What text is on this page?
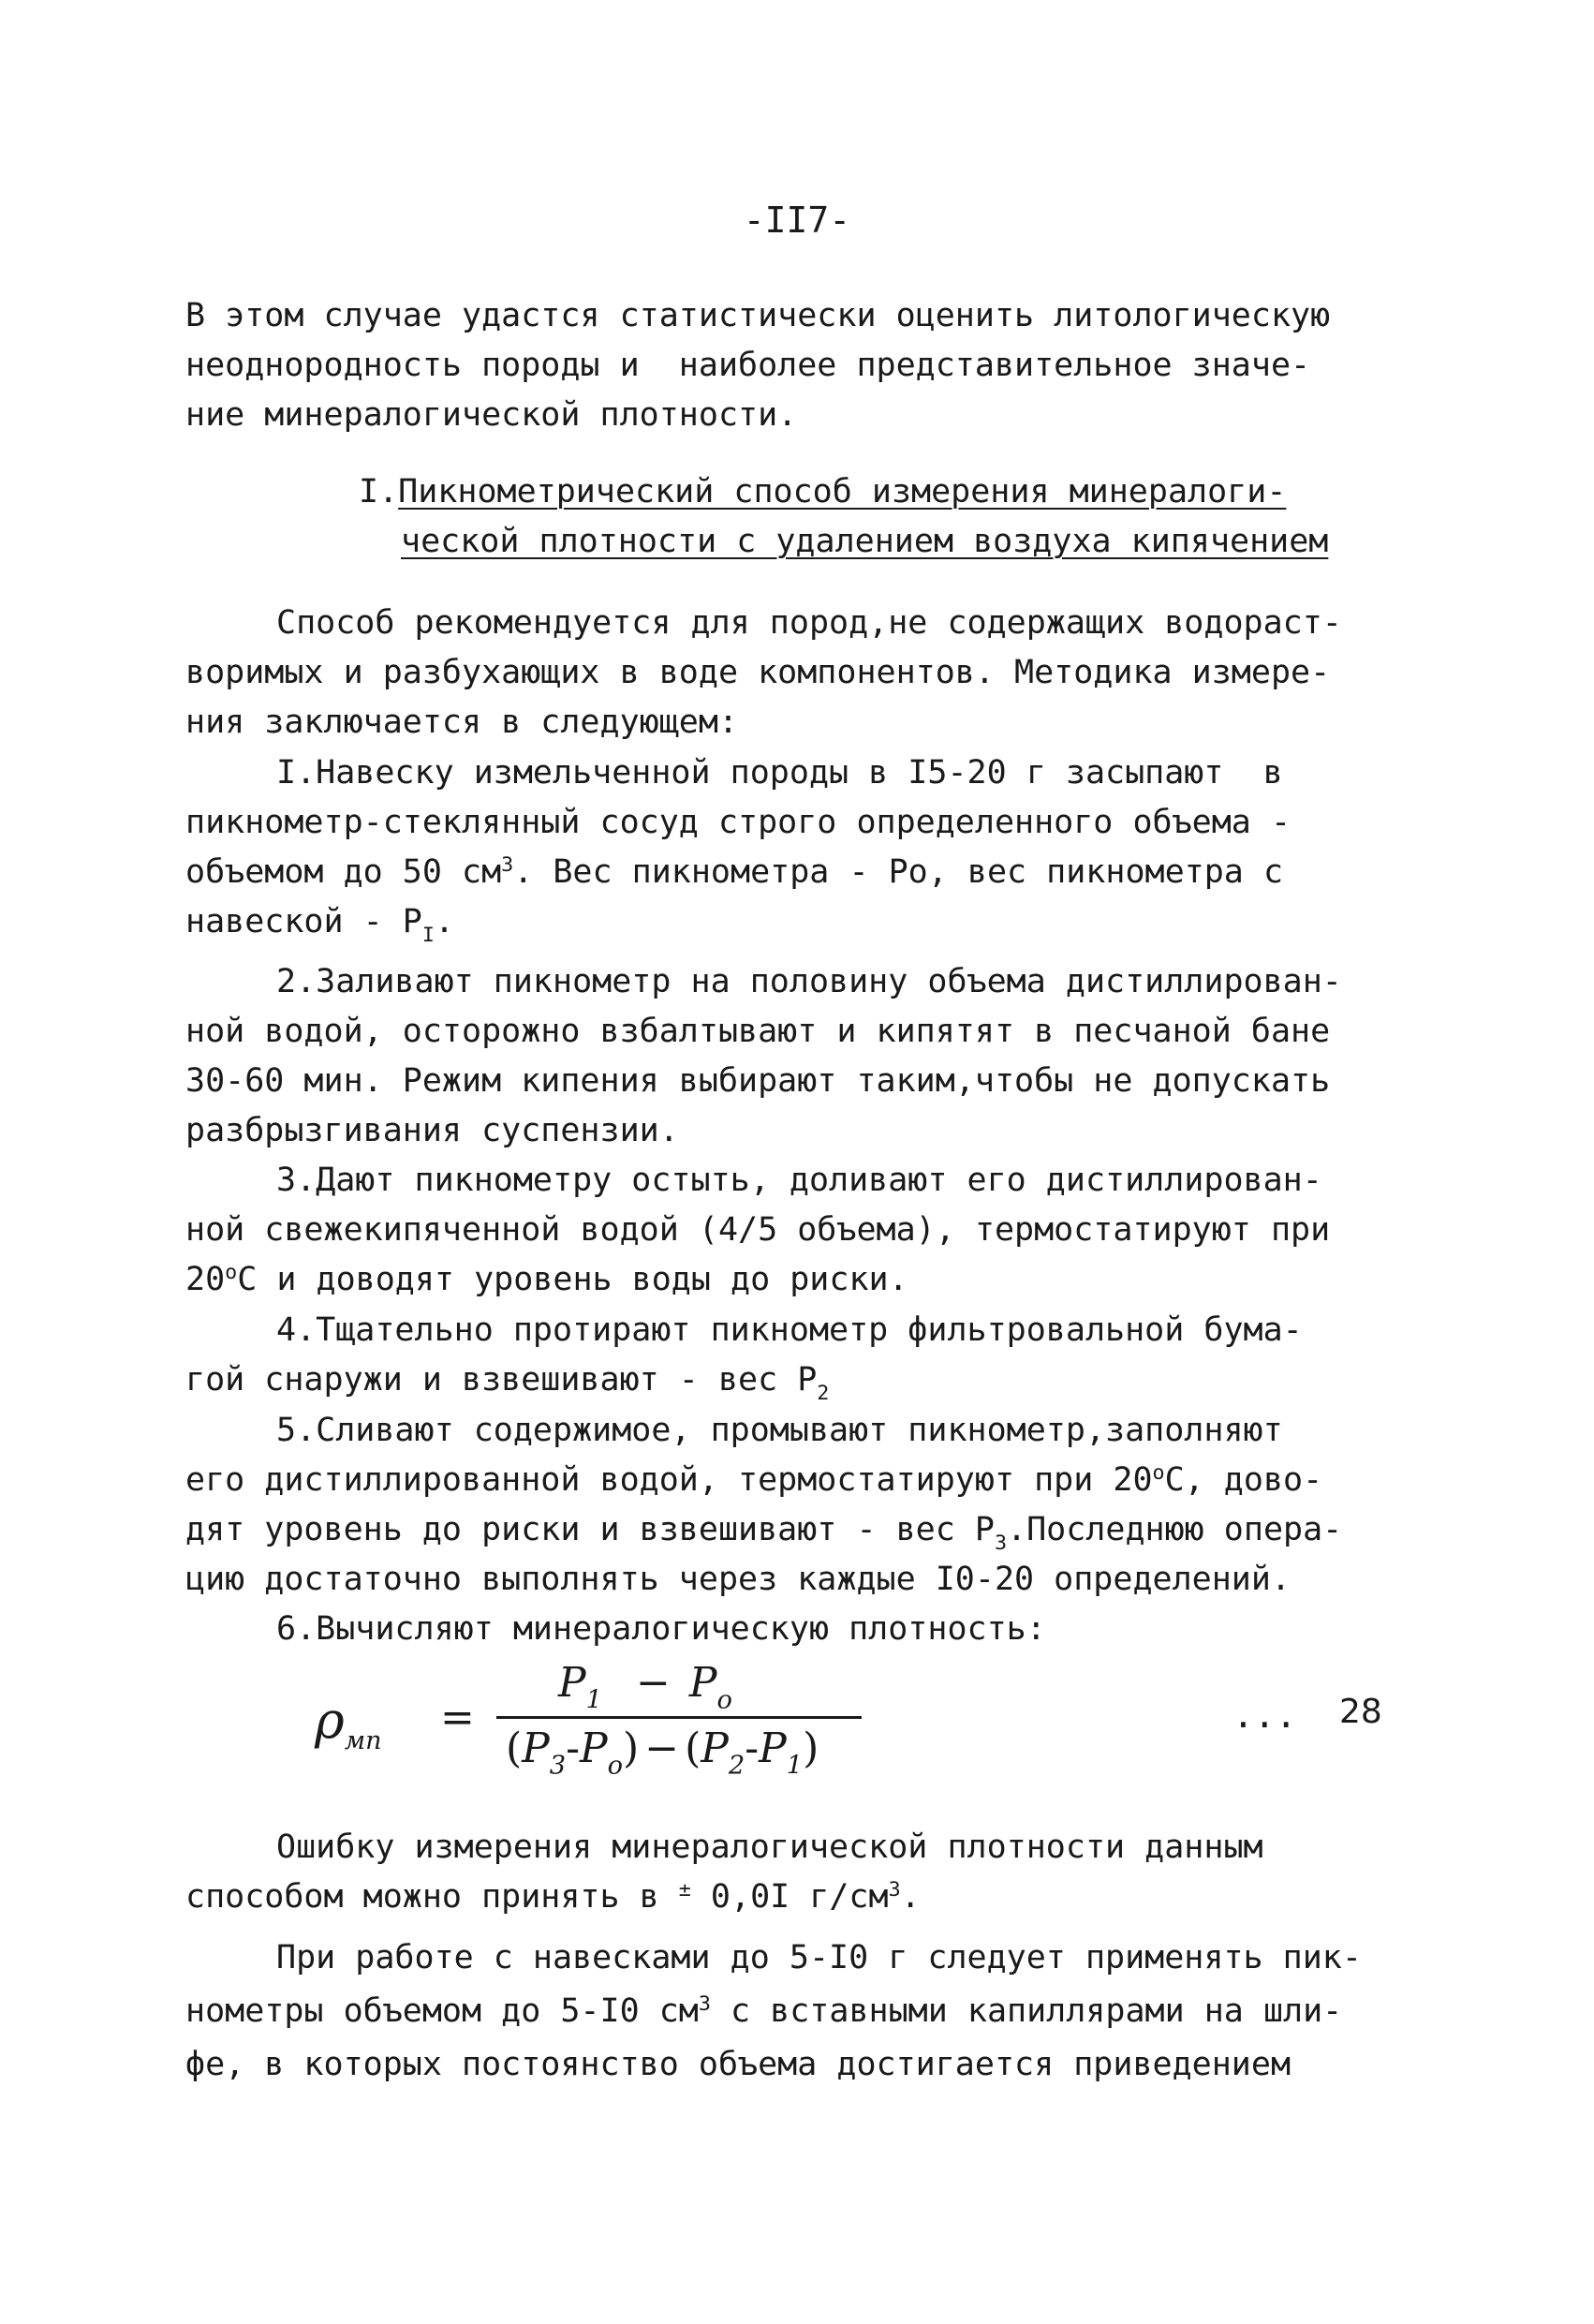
-II7-
В этом случае удастся статистически оценить литологическую
неоднородность породы и  наиболее представительное значе-
ние минералогической плотности.
I.Пикнометрический способ измерения минералоги-
ческой плотности с удалением воздуха кипячением
Способ рекомендуется для пород,не содержащих водораст-
воримых и разбухающих в воде компонентов. Методика измере-
ния заключается в следующем:
I.Навеску измельченной породы в I5-20 г засыпают  в
пикнометр-стеклянный сосуд строго определенного объема -
объемом до 50 $см^3$. Вес пикнометра - Ро, вес пикнометра с
навеской - $Р_I$.
2.Заливают пикнометр на половину объема дистиллирован-
ной водой, осторожно взбалтывают и кипятят в песчаной бане
30-60 мин. Режим кипения выбирают таким,чтобы не допускать
разбрызгивания суспензии.
3.Дают пикнометру остыть, доливают его дистиллирован-
ной свежекипяченной водой (4/5 объема), термостатируют при
$20^оС$ и доводят уровень воды до риски.
4.Тщательно протирают пикнометр фильтровальной бума-
гой снаружи и взвешивают - вес $Р_2$
5.Сливают содержимое, промывают пикнометр,заполняют
его дистиллированной водой, термостатируют при $20^оС$, дово-
дят уровень до риски и взвешивают - вес $Р_3.Последнюю$ опера-
цию достаточно выполнять через каждые I0-20 определений.
6.Вычисляют минералогическую плотность:
$\rho_{мп}$ =
$P_1 - P_o$
$(P_3-P_o) - (P_2-P_1)$
... 28
Ошибку измерения минералогической плотности данным
способом можно принять в ± 0,0I $г/см^3$.
При работе с навесками до 5-I0 г следует применять пик-
нометры объемом до 5-I0 $см^3$ с вставными капиллярами на шли-
фе, в которых постоянство объема достигается приведением
